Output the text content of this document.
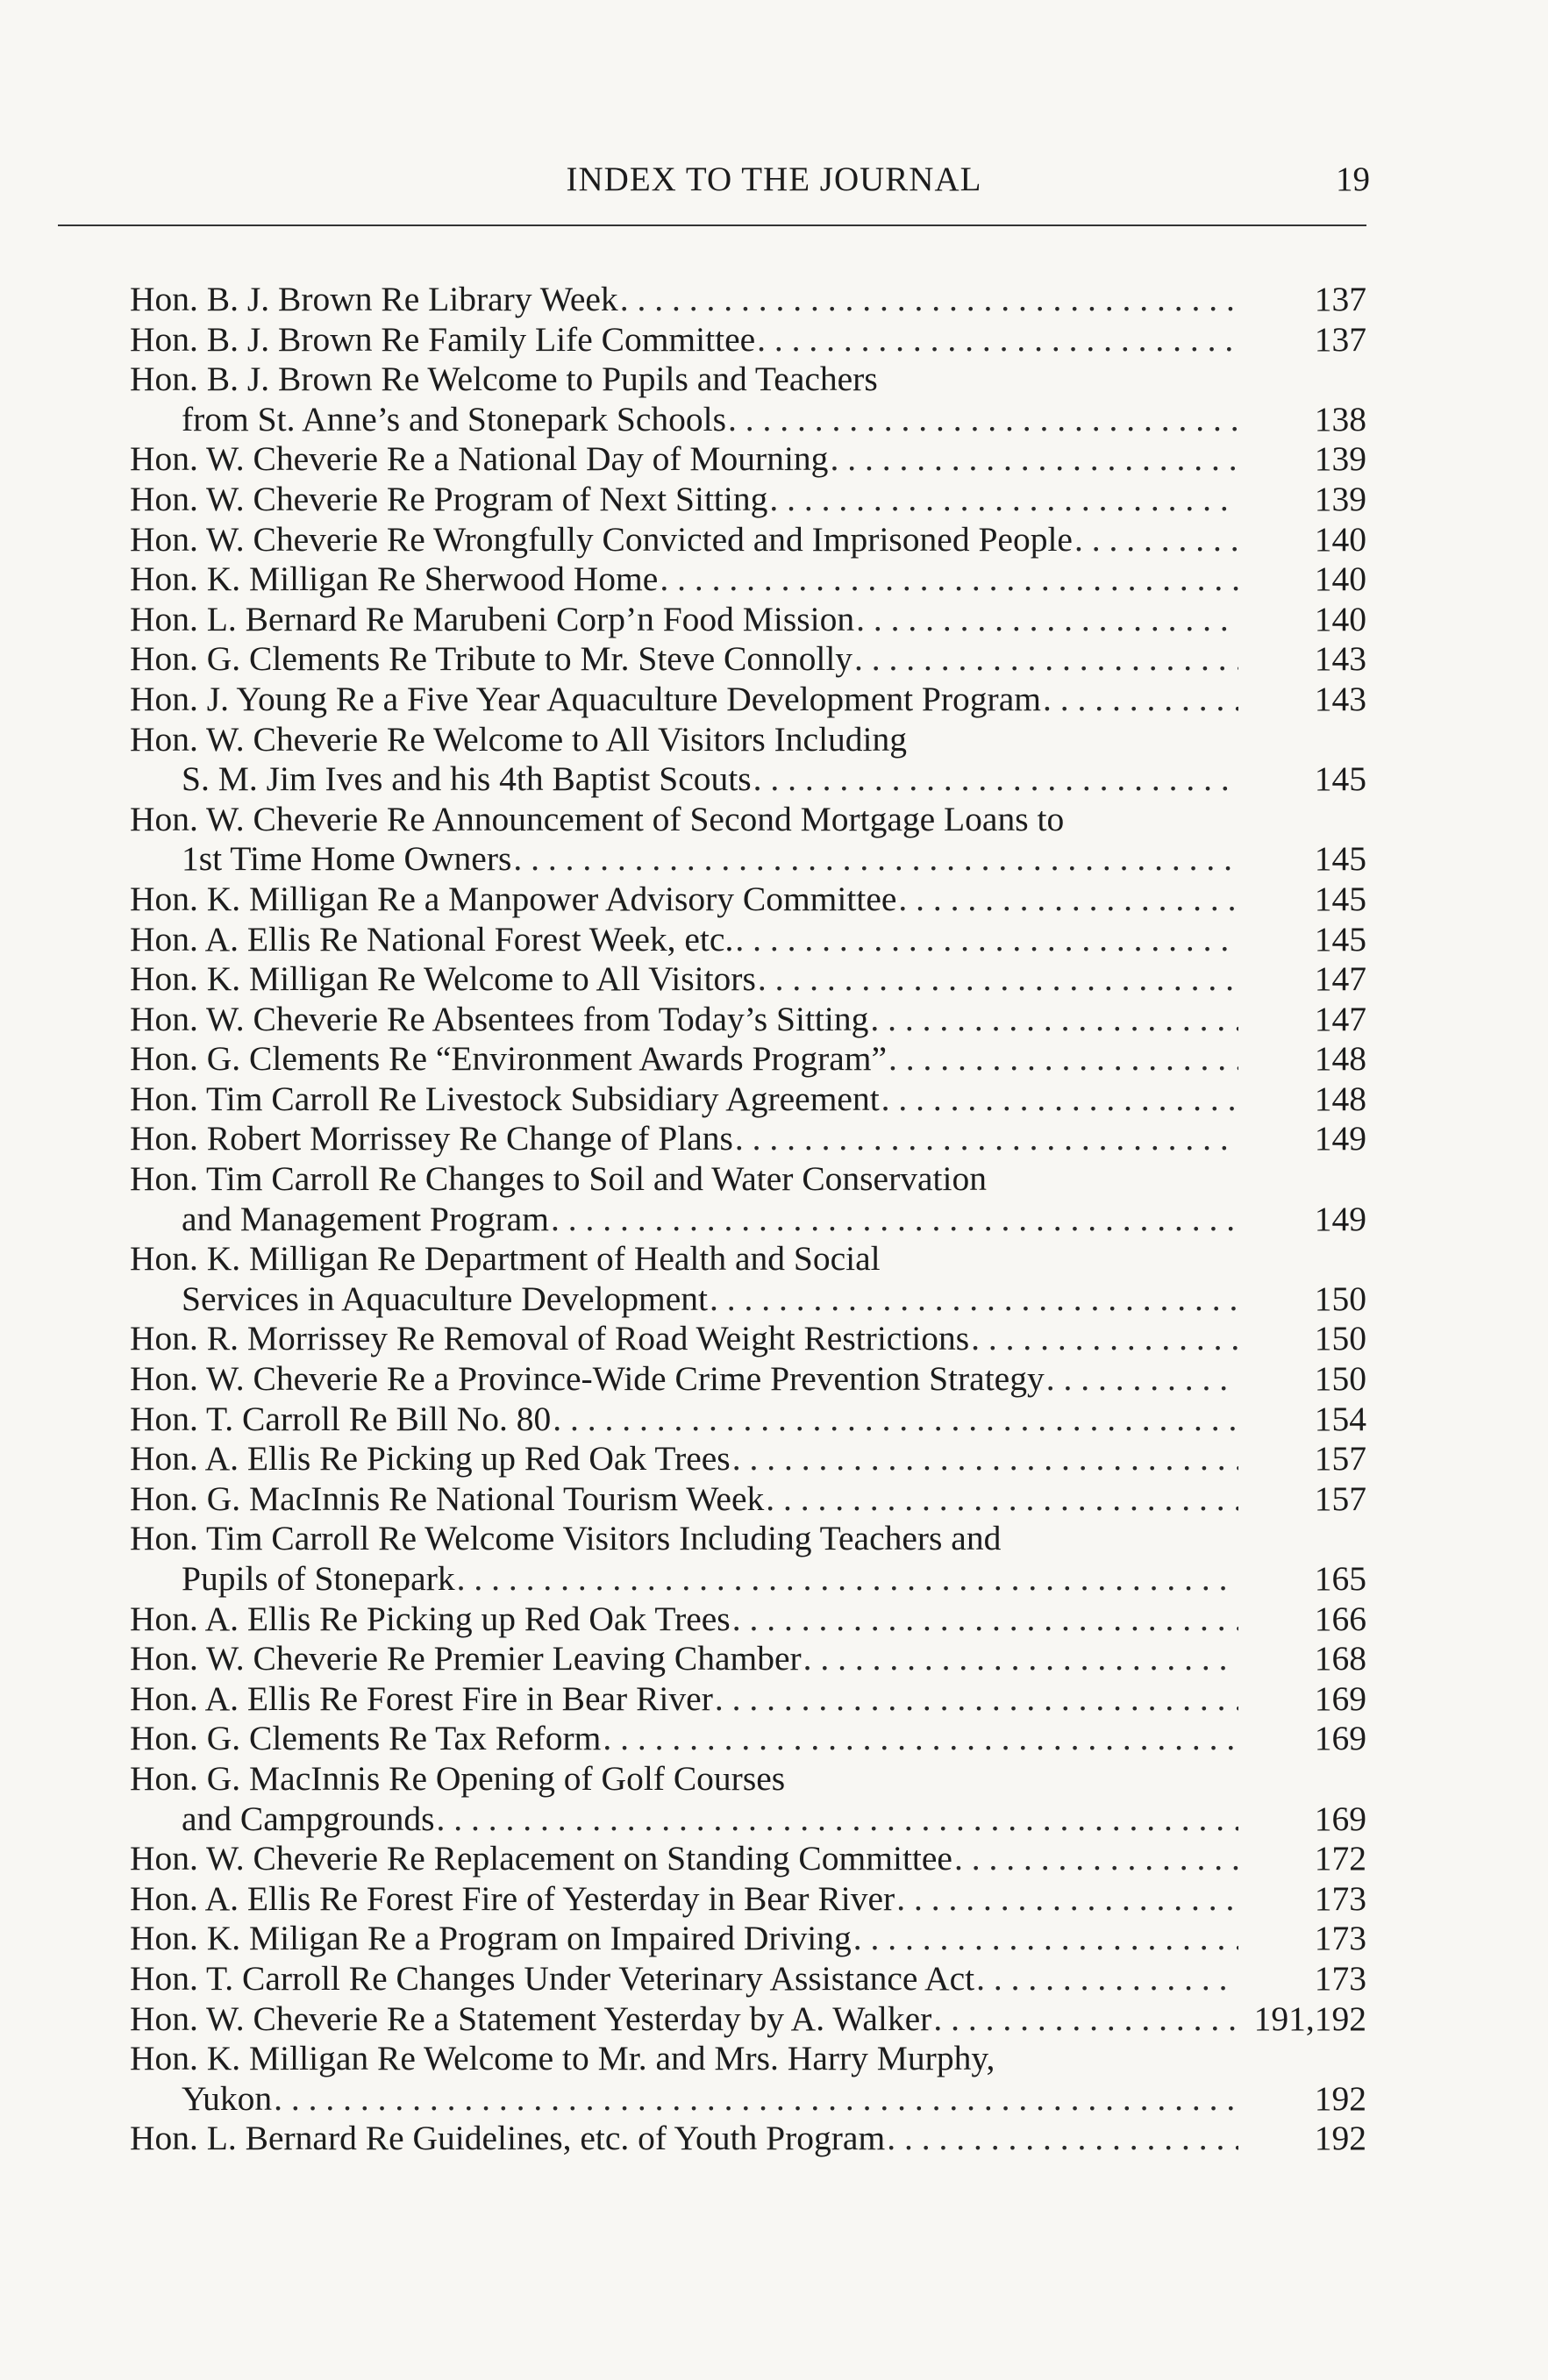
INDEX TO THE JOURNAL	19
Hon. B. J. Brown Re Library Week . . .	137
Hon. B. J. Brown Re Family Life Committee . . .	137
Hon. B. J. Brown Re Welcome to Pupils and Teachers
from St. Anne’s and Stonepark Schools . . .	138
Hon. W. Cheverie Re a National Day of Mourning . . .	139
Hon. W. Cheverie Re Program of Next Sitting . . .	139
Hon. W. Cheverie Re Wrongfully Convicted and Imprisoned People . . .	140
Hon. K. Milligan Re Sherwood Home . . .	140
Hon. L. Bernard Re Marubeni Corp’n Food Mission . . .	140
Hon. G. Clements Re Tribute to Mr. Steve Connolly . . .	143
Hon. J. Young Re a Five Year Aquaculture Development Program . . .	143
Hon. W. Cheverie Re Welcome to All Visitors Including
S. M. Jim Ives and his 4th Baptist Scouts . . .	145
Hon. W. Cheverie Re Announcement of Second Mortgage Loans to
1st Time Home Owners . . .	145
Hon. K. Milligan Re a Manpower Advisory Committee . . .	145
Hon. A. Ellis Re National Forest Week, etc. . . .	145
Hon. K. Milligan Re Welcome to All Visitors . . .	147
Hon. W. Cheverie Re Absentees from Today’s Sitting . . .	147
Hon. G. Clements Re “Environment Awards Program” . . .	148
Hon. Tim Carroll Re Livestock Subsidiary Agreement . . .	148
Hon. Robert Morrissey Re Change of Plans . . .	149
Hon. Tim Carroll Re Changes to Soil and Water Conservation
and Management Program . . .	149
Hon. K. Milligan Re Department of Health and Social
Services in Aquaculture Development . . .	150
Hon. R. Morrissey Re Removal of Road Weight Restrictions . . .	150
Hon. W. Cheverie Re a Province-Wide Crime Prevention Strategy . . .	150
Hon. T. Carroll Re Bill No. 80 . . .	154
Hon. A. Ellis Re Picking up Red Oak Trees . . .	157
Hon. G. MacInnis Re National Tourism Week . . .	157
Hon. Tim Carroll Re Welcome Visitors Including Teachers and
Pupils of Stonepark . . .	165
Hon. A. Ellis Re Picking up Red Oak Trees . . .	166
Hon. W. Cheverie Re Premier Leaving Chamber . . .	168
Hon. A. Ellis Re Forest Fire in Bear River . . .	169
Hon. G. Clements Re Tax Reform . . .	169
Hon. G. MacInnis Re Opening of Golf Courses
and Campgrounds . . .	169
Hon. W. Cheverie Re Replacement on Standing Committee . . .	172
Hon. A. Ellis Re Forest Fire of Yesterday in Bear River . . .	173
Hon. K. Miligan Re a Program on Impaired Driving . . .	173
Hon. T. Carroll Re Changes Under Veterinary Assistance Act . . .	173
Hon. W. Cheverie Re a Statement Yesterday by A. Walker . . .	191,192
Hon. K. Milligan Re Welcome to Mr. and Mrs. Harry Murphy,
Yukon . . .	192
Hon. L. Bernard Re Guidelines, etc. of Youth Program . . .	192
